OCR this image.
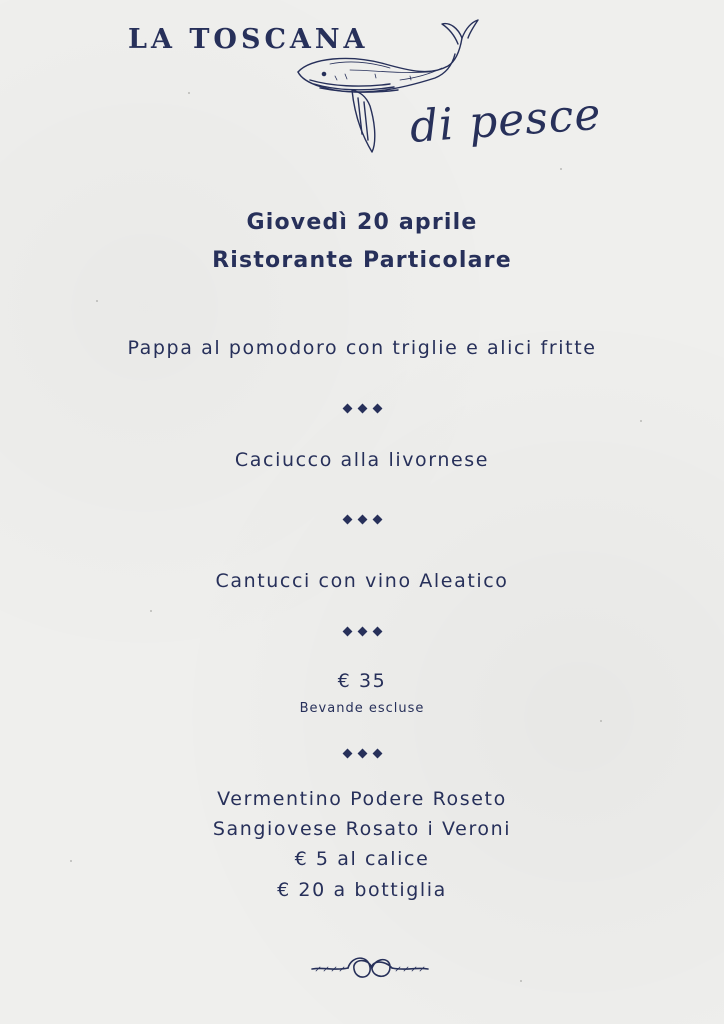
LA TOSCANA
di pesce
Giovedì 20 aprile
Ristorante Particolare
Pappa al pomodoro con triglie e alici fritte
Caciucco alla livornese
Cantucci con vino Aleatico
€ 35
Bevande escluse
Vermentino Podere Roseto
Sangiovese Rosato i Veroni
€ 5 al calice
€ 20 a bottiglia
